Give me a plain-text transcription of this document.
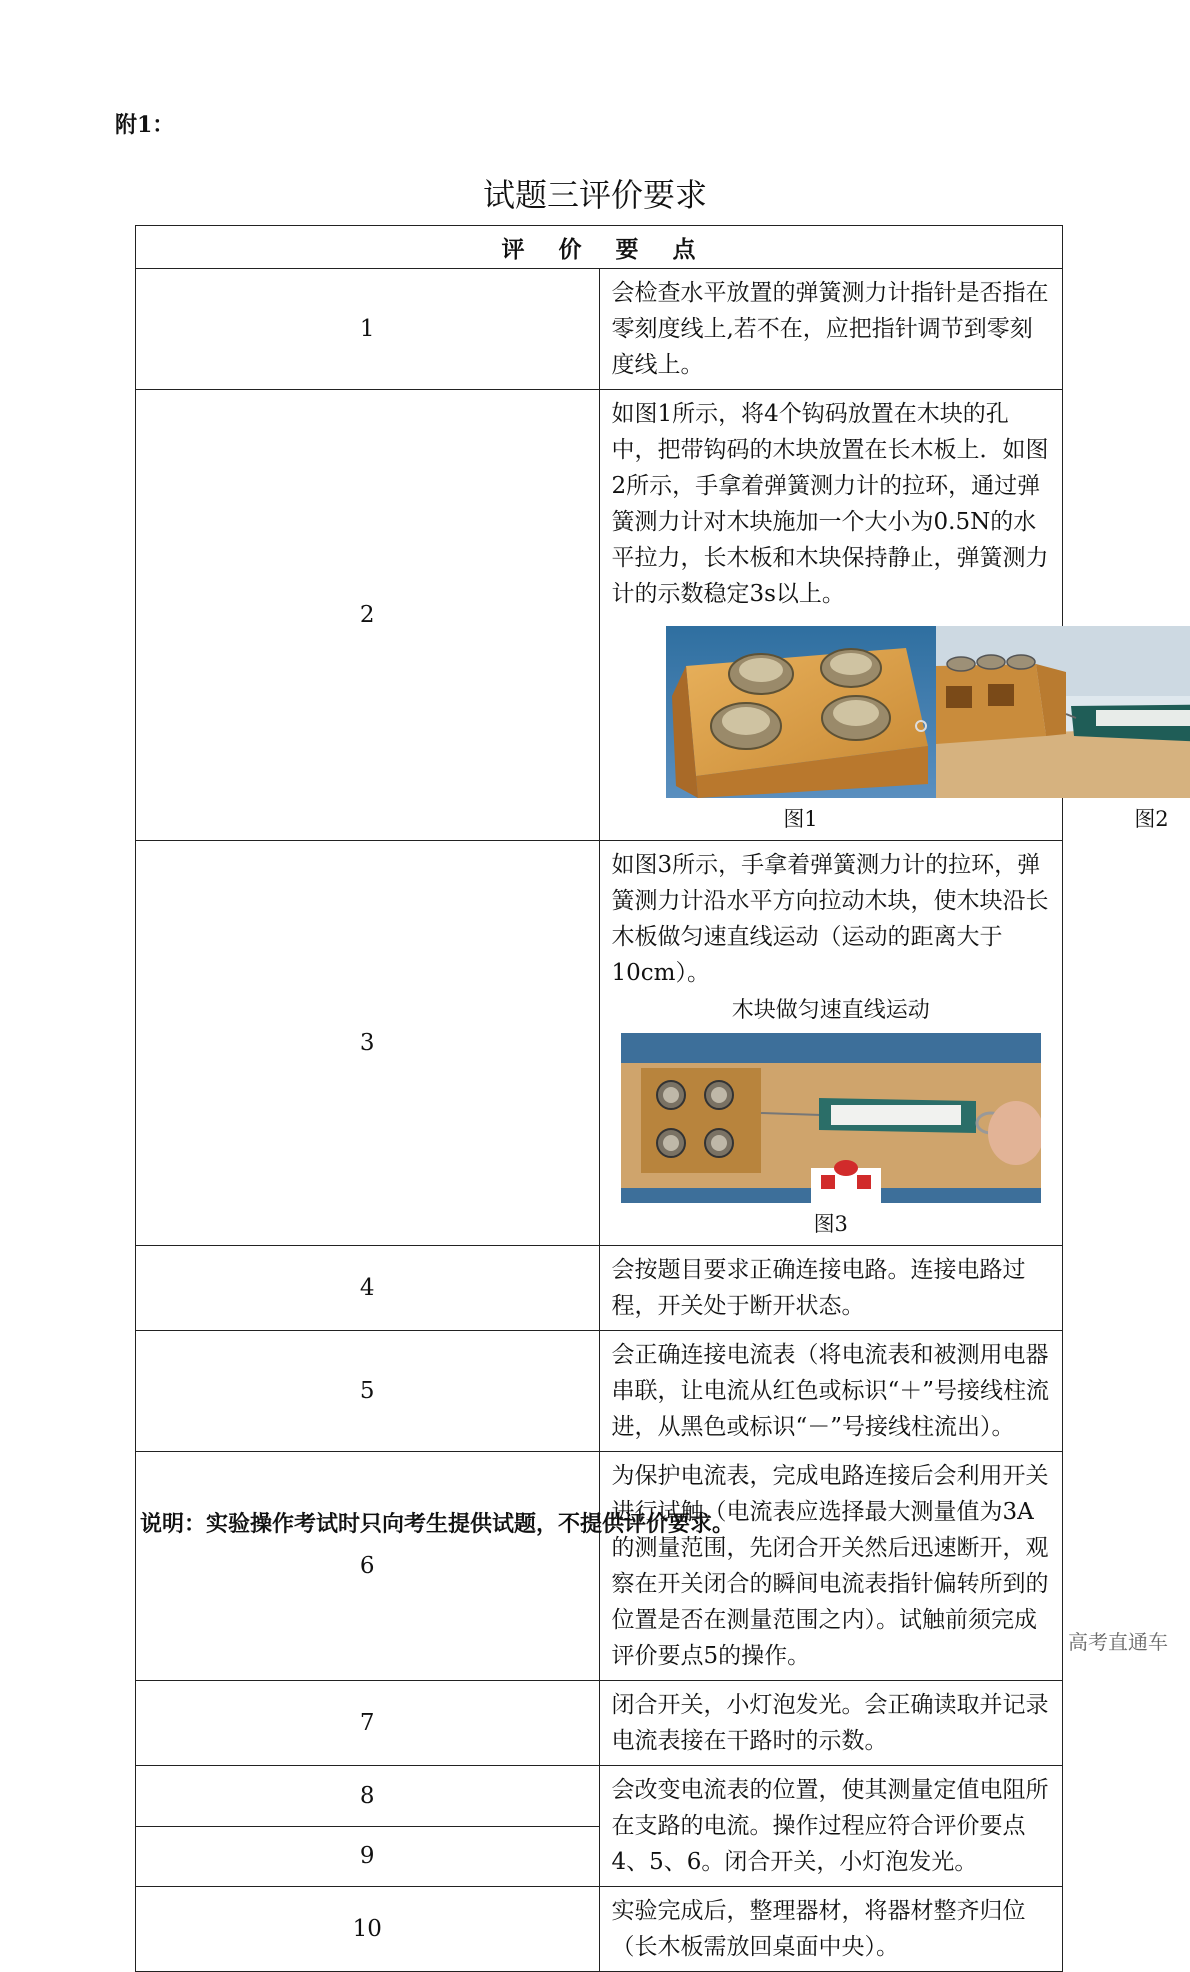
附1：
试题三评价要求
评价要点	
1	会检查水平放置的弹簧测力计指针是否指在零刻度线上,若不在，应把指针调节到零刻度线上。
2	如图1所示，将4个钩码放置在木块的孔中，把带钩码的木块放置在长木板上．如图2所示，手拿着弹簧测力计的拉环，通过弹簧测力计对木块施加一个大小为0.5N的水平拉力，长木板和木块保持静止，弹簧测力计的示数稳定3s以上。
图1 图2

3	如图3所示，手拿着弹簧测力计的拉环，弹簧测力计沿水平方向拉动木块，使木块沿长木板做匀速直线运动（运动的距离大于10cm）。
木块做匀速直线运动
图3

4	会按题目要求正确连接电路。连接电路过程，开关处于断开状态。
5	会正确连接电流表（将电流表和被测用电器串联，让电流从红色或标识“＋”号接线柱流进，从黑色或标识“－”号接线柱流出）。
6	为保护电流表，完成电路连接后会利用开关进行试触（电流表应选择最大测量值为3A的测量范围，先闭合开关然后迅速断开，观察在开关闭合的瞬间电流表指针偏转所到的位置是否在测量范围之内）。试触前须完成评价要点5的操作。
7	闭合开关，小灯泡发光。会正确读取并记录电流表接在干路时的示数。
8	会改变电流表的位置，使其测量定值电阻所在支路的电流。操作过程应符合评价要点4、5、6。闭合开关，小灯泡发光。
9	
10	实验完成后，整理器材，将器材整齐归位（长木板需放回桌面中央）。
说明：实验操作考试时只向考生提供试题，不提供评价要求。
高考直通车
